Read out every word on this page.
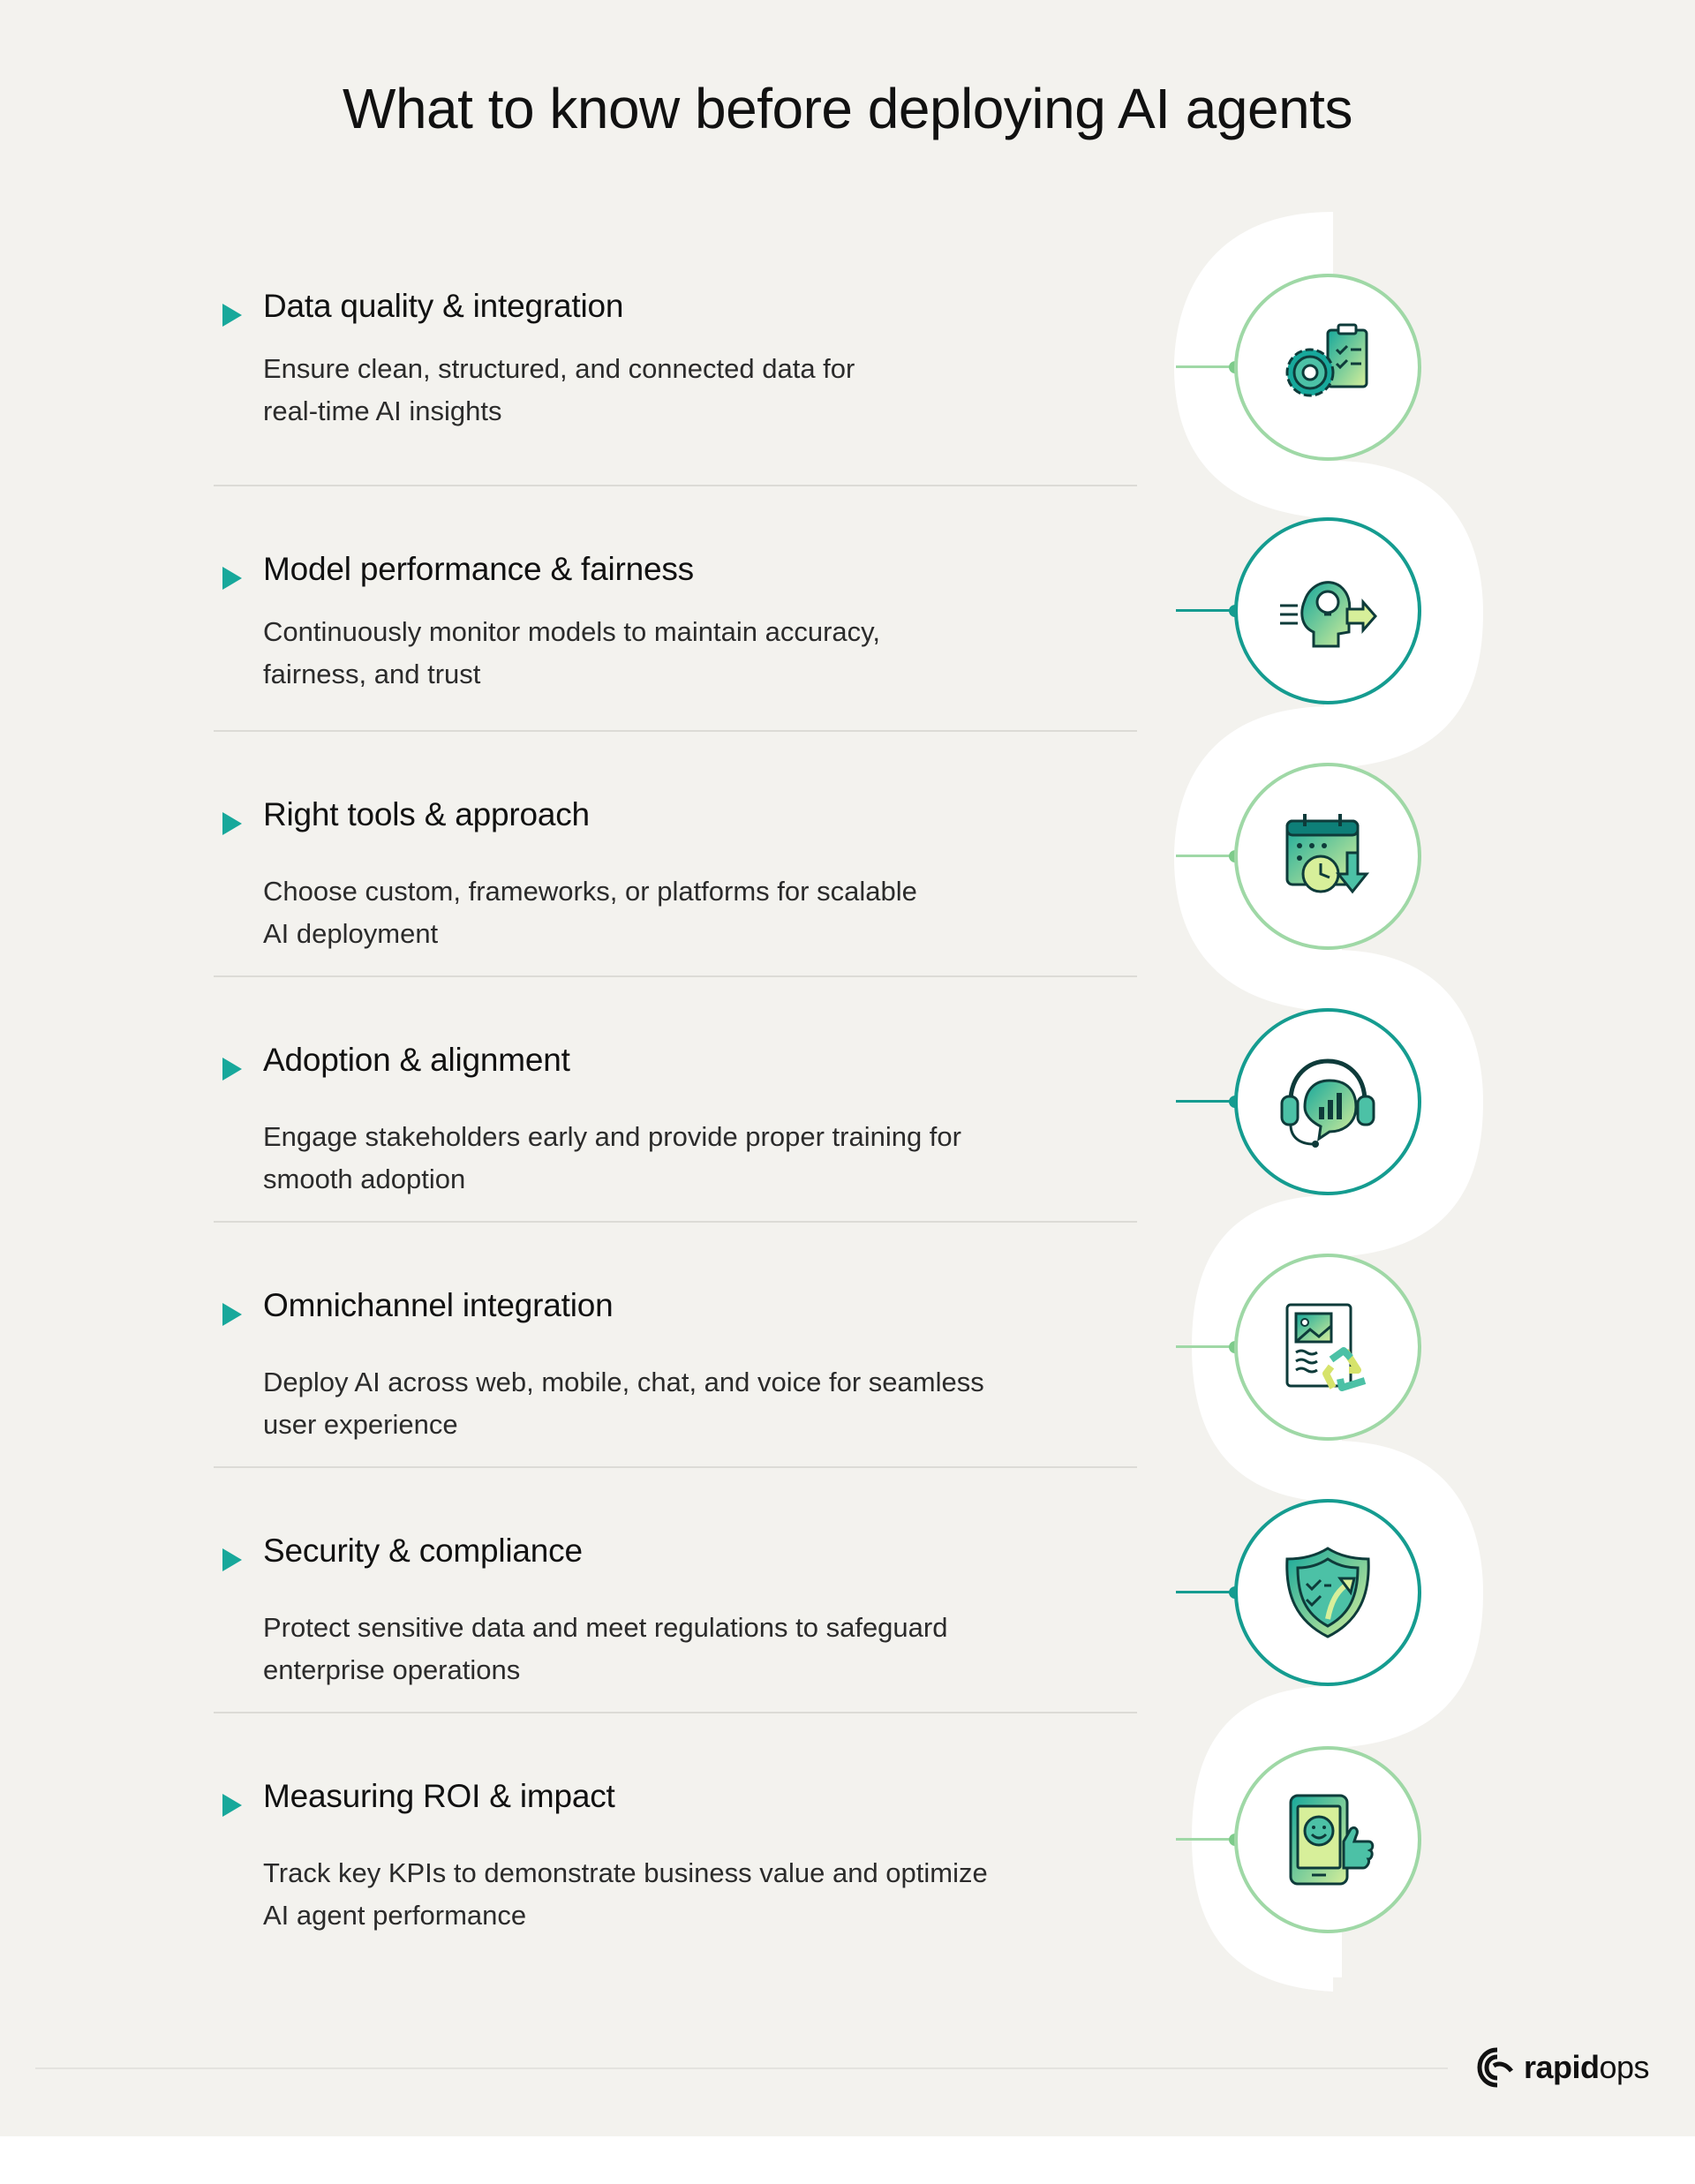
What to know before deploying AI agents
Data quality & integration

Ensure clean, structured, and connected data for
real-time AI insights

Model performance & fairness

Continuously monitor models to maintain accuracy,
fairness, and trust

Right tools & approach

Choose custom, frameworks, or platforms for scalable
AI deployment

Adoption & alignment

Engage stakeholders early and provide proper training for
smooth adoption

Omnichannel integration

Deploy AI across web, mobile, chat, and voice for seamless
user experience

Security & compliance

Protect sensitive data and meet regulations to safeguard
enterprise operations

Measuring ROI & impact

Track key KPIs to demonstrate business value and optimize
AI agent performance

rapidops
